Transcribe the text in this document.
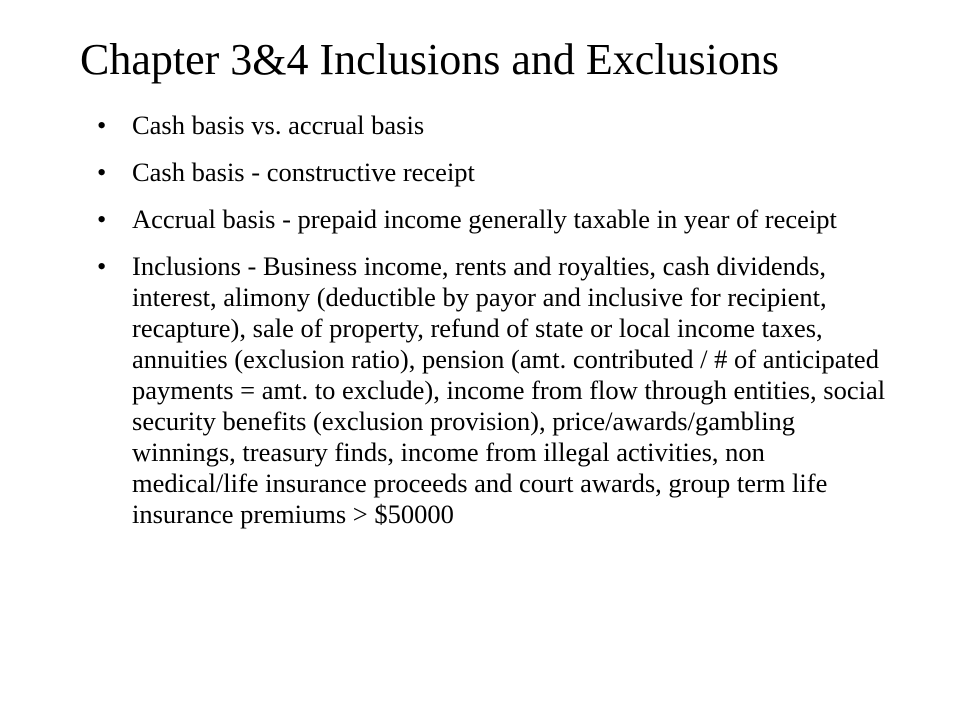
Chapter 3&4 Inclusions and Exclusions
• Cash basis vs. accrual basis
• Cash basis - constructive receipt
• Accrual basis - prepaid income generally taxable in year of receipt
• Inclusions - Business income, rents and royalties, cash dividends, interest, alimony (deductible by payor and inclusive for recipient, recapture), sale of property, refund of state or local income taxes, annuities (exclusion ratio), pension (amt. contributed / # of anticipated payments = amt. to exclude), income from flow through entities, social security benefits (exclusion provision), price/awards/gambling winnings, treasury finds, income from illegal activities, non medical/life insurance proceeds and court awards, group term life insurance premiums > $50000
